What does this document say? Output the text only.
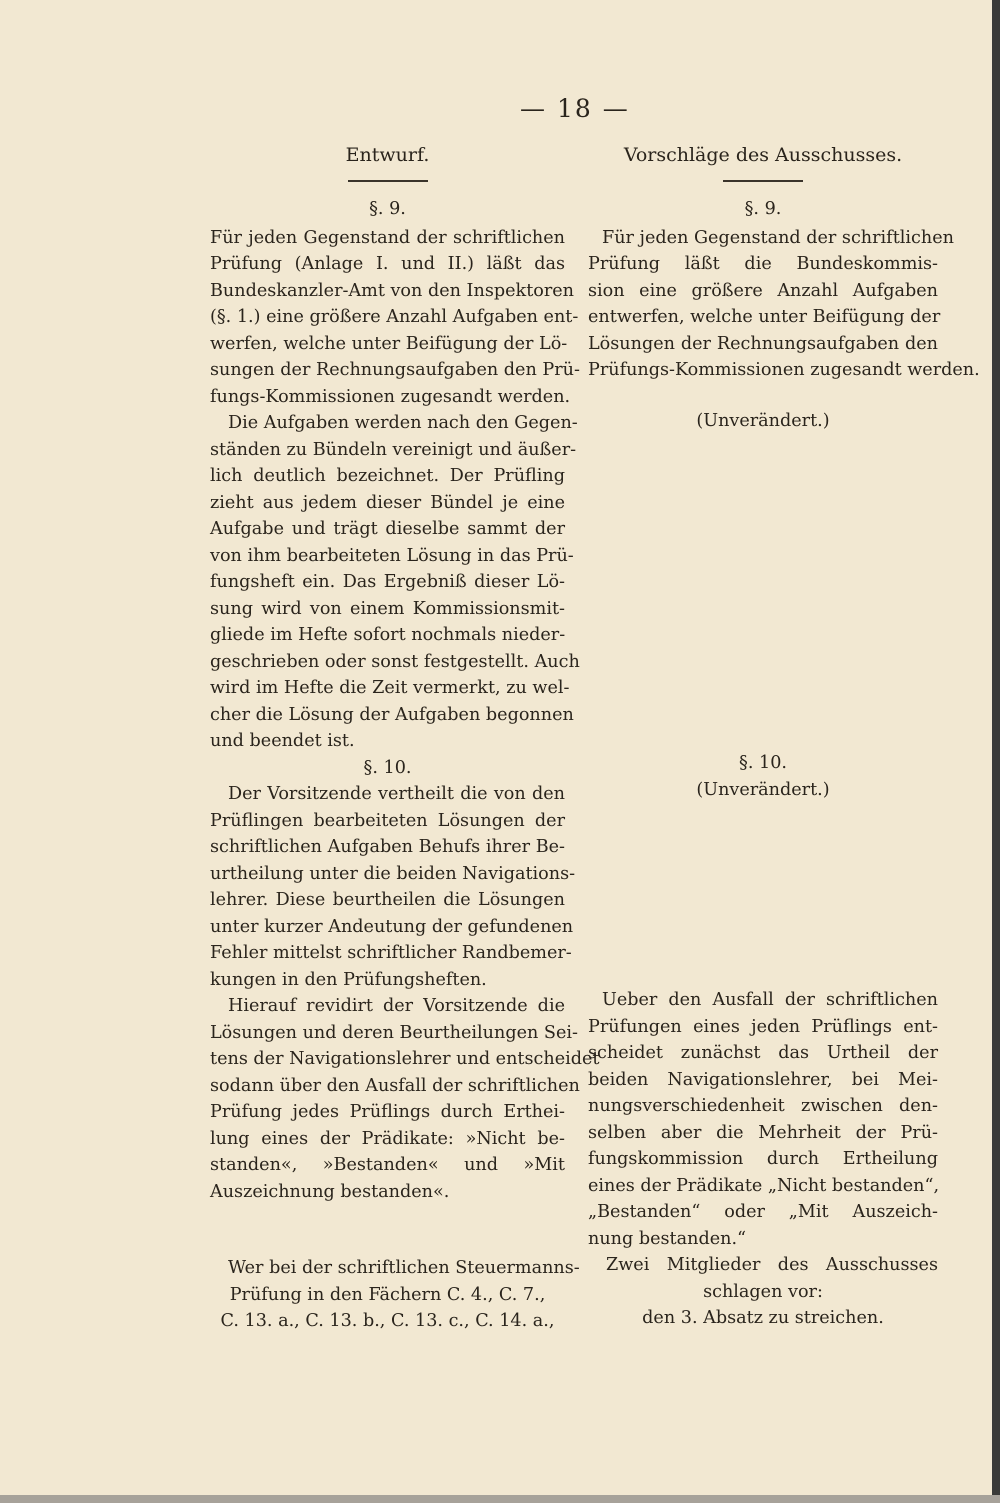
— 18 —
Entwurf.
§. 9.
Für jeden Gegenstand der schriftlichen
Prüfung (Anlage I. und II.) läßt das
Bundeskanzler-Amt von den Inspektoren
(§. 1.) eine größere Anzahl Aufgaben ent-
werfen, welche unter Beifügung der Lö-
sungen der Rechnungsaufgaben den Prü-
fungs-Kommissionen zugesandt werden.
Die Aufgaben werden nach den Gegen-
ständen zu Bündeln vereinigt und äußer-
lich deutlich bezeichnet. Der Prüfling
zieht aus jedem dieser Bündel je eine
Aufgabe und trägt dieselbe sammt der
von ihm bearbeiteten Lösung in das Prü-
fungsheft ein. Das Ergebniß dieser Lö-
sung wird von einem Kommissionsmit-
gliede im Hefte sofort nochmals nieder-
geschrieben oder sonst festgestellt. Auch
wird im Hefte die Zeit vermerkt, zu wel-
cher die Lösung der Aufgaben begonnen
und beendet ist.
§. 10.
Der Vorsitzende vertheilt die von den
Prüflingen bearbeiteten Lösungen der
schriftlichen Aufgaben Behufs ihrer Be-
urtheilung unter die beiden Navigations-
lehrer. Diese beurtheilen die Lösungen
unter kurzer Andeutung der gefundenen
Fehler mittelst schriftlicher Randbemer-
kungen in den Prüfungsheften.
Hierauf revidirt der Vorsitzende die
Lösungen und deren Beurtheilungen Sei-
tens der Navigationslehrer und entscheidet
sodann über den Ausfall der schriftlichen
Prüfung jedes Prüflings durch Erthei-
lung eines der Prädikate: »Nicht be-
standen«, »Bestanden« und »Mit
Auszeichnung bestanden«.
Wer bei der schriftlichen Steuermanns-
Prüfung in den Fächern C. 4., C. 7.,
C. 13. a., C. 13. b., C. 13. c., C. 14. a.,
Vorschläge des Ausschusses.
§. 9.
Für jeden Gegenstand der schriftlichen
Prüfung läßt die Bundeskommis-
sion eine größere Anzahl Aufgaben
entwerfen, welche unter Beifügung der
Lösungen der Rechnungsaufgaben den
Prüfungs-Kommissionen zugesandt werden.
(Unverändert.)
§. 10.
(Unverändert.)
Ueber den Ausfall der schriftlichen
Prüfungen eines jeden Prüflings ent-
scheidet zunächst das Urtheil der
beiden Navigationslehrer, bei Mei-
nungsverschiedenheit zwischen den-
selben aber die Mehrheit der Prü-
fungskommission durch Ertheilung
eines der Prädikate „Nicht bestanden“,
„Bestanden“ oder „Mit Auszeich-
nung bestanden.“
Zwei Mitglieder des Ausschusses
schlagen vor:
den 3. Absatz zu streichen.
